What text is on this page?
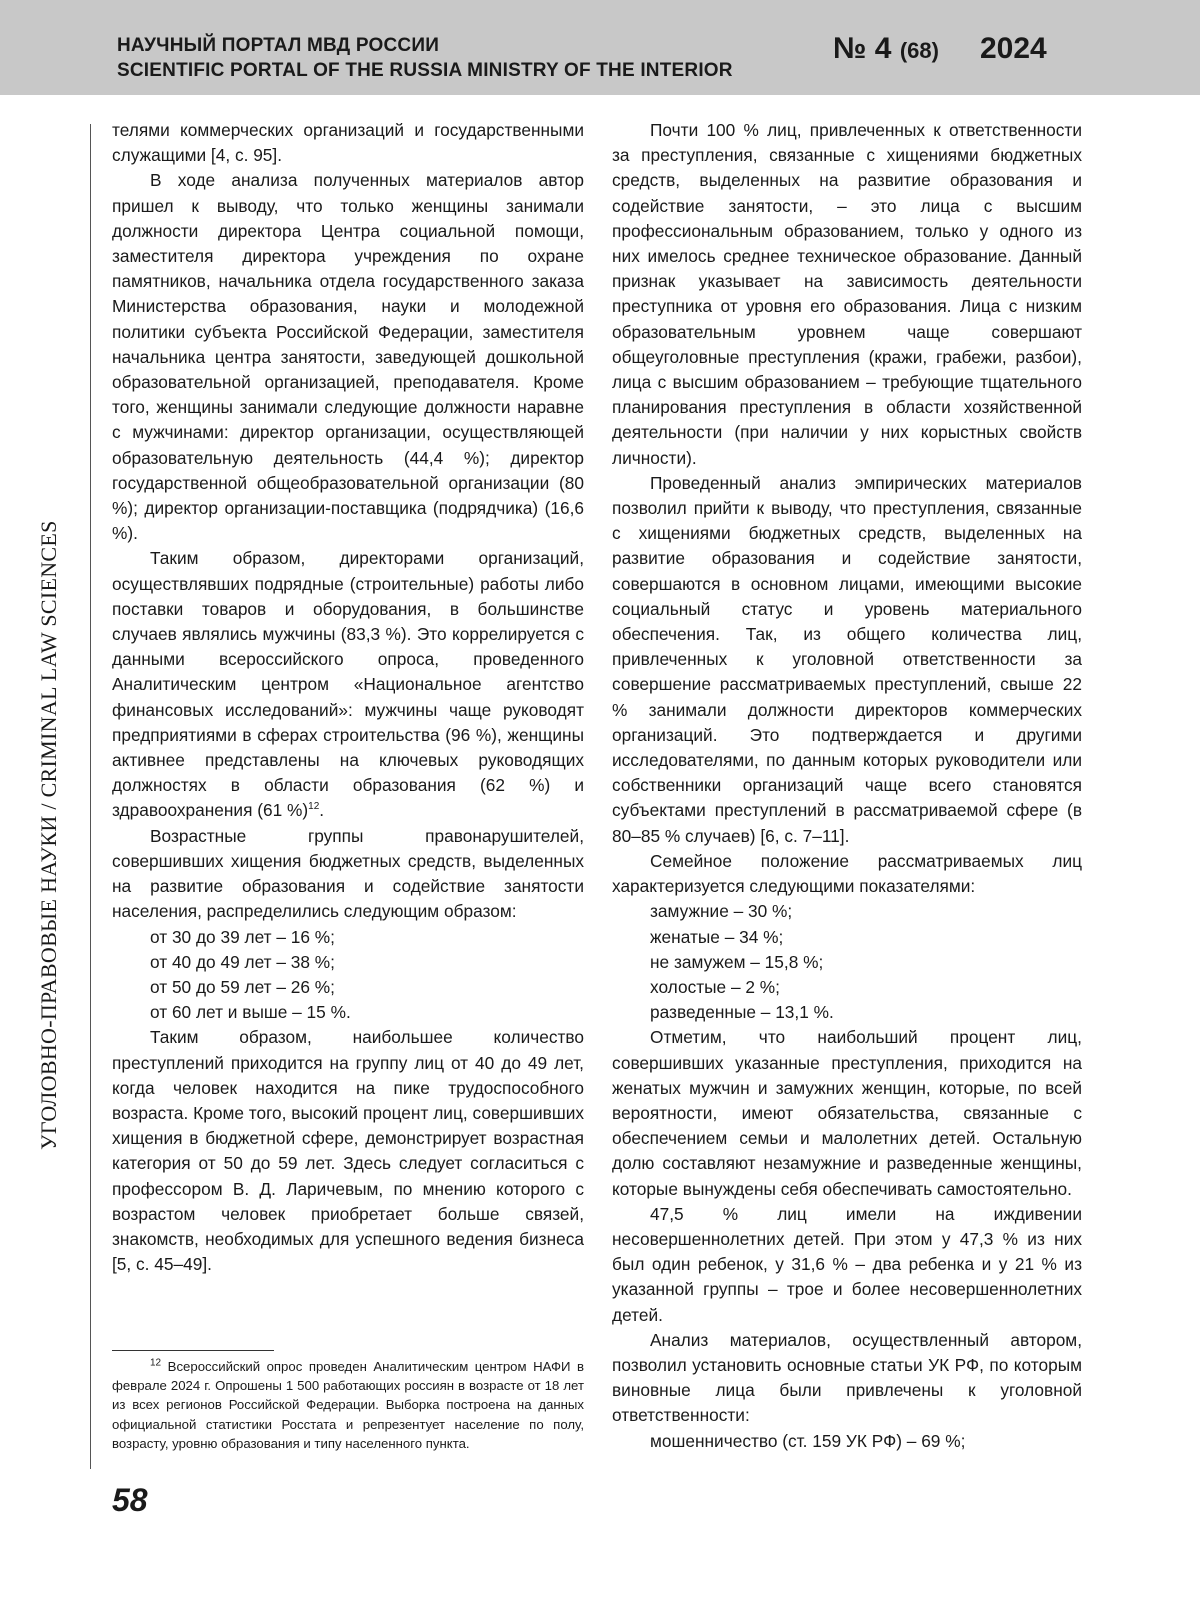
НАУЧНЫЙ ПОРТАЛ МВД РОССИИ
SCIENTIFIC PORTAL OF THE RUSSIA MINISTRY OF THE INTERIOR
№ 4 (68) 2024
УГОЛОВНО-ПРАВОВЫЕ НАУКИ / CRIMINAL LAW SCIENCES

телями коммерческих организаций и государственными служащими [4, с. 95].

В ходе анализа полученных материалов автор пришел к выводу, что только женщины занимали должности директора Центра социальной помощи, заместителя директора учреждения по охране памятников, начальника отдела государственного заказа Министерства образования, науки и молодежной политики субъекта Российской Федерации, заместителя начальника центра занятости, заведующей дошкольной образовательной организацией, преподавателя. Кроме того, женщины занимали следующие должности наравне с мужчинами: директор организации, осуществляющей образовательную деятельность (44,4 %); директор государственной общеобразовательной организации (80 %); директор организации-поставщика (подрядчика) (16,6 %).

Таким образом, директорами организаций, осуществлявших подрядные (строительные) работы либо поставки товаров и оборудования, в большинстве случаев являлись мужчины (83,3 %). Это коррелируется с данными всероссийского опроса, проведенного Аналитическим центром «Национальное агентство финансовых исследований»: мужчины чаще руководят предприятиями в сферах строительства (96 %), женщины активнее представлены на ключевых руководящих должностях в области образования (62 %) и здравоохранения (61 %)$^{12}$.

Возрастные группы правонарушителей, совершивших хищения бюджетных средств, выделенных на развитие образования и содействие занятости населения, распределились следующим образом:

от 30 до 39 лет – 16 %;

от 40 до 49 лет – 38 %;

от 50 до 59 лет – 26 %;

от 60 лет и выше – 15 %.

Таким образом, наибольшее количество преступлений приходится на группу лиц от 40 до 49 лет, когда человек находится на пике трудоспособного возраста. Кроме того, высокий процент лиц, совершивших хищения в бюджетной сфере, демонстрирует возрастная категория от 50 до 59 лет. Здесь следует согласиться с профессором В. Д. Ларичевым, по мнению которого с возрастом человек приобретает больше связей, знакомств, необходимых для успешного ведения бизнеса [5, с. 45–49].

$^{12}$ Всероссийский опрос проведен Аналитическим центром НАФИ в феврале 2024 г. Опрошены 1 500 работающих россиян в возрасте от 18 лет из всех регионов Российской Федерации. Выборка построена на данных официальной статистики Росстата и репрезентует население по полу, возрасту, уровню образования и типу населенного пункта.

Почти 100 % лиц, привлеченных к ответственности за преступления, связанные с хищениями бюджетных средств, выделенных на развитие образования и содействие занятости, – это лица с высшим профессиональным образованием, только у одного из них имелось среднее техническое образование. Данный признак указывает на зависимость деятельности преступника от уровня его образования. Лица с низким образовательным уровнем чаще совершают общеуголовные преступления (кражи, грабежи, разбои), лица с высшим образованием – требующие тщательного планирования преступления в области хозяйственной деятельности (при наличии у них корыстных свойств личности).

Проведенный анализ эмпирических материалов позволил прийти к выводу, что преступления, связанные с хищениями бюджетных средств, выделенных на развитие образования и содействие занятости, совершаются в основном лицами, имеющими высокие социальный статус и уровень материального обеспечения. Так, из общего количества лиц, привлеченных к уголовной ответственности за совершение рассматриваемых преступлений, свыше 22 % занимали должности директоров коммерческих организаций. Это подтверждается и другими исследователями, по данным которых руководители или собственники организаций чаще всего становятся субъектами преступлений в рассматриваемой сфере (в 80–85 % случаев) [6, с. 7–11].

Семейное положение рассматриваемых лиц характеризуется следующими показателями:

замужние – 30 %;

женатые – 34 %;

не замужем – 15,8 %;

холостые – 2 %;

разведенные – 13,1 %.

Отметим, что наибольший процент лиц, совершивших указанные преступления, приходится на женатых мужчин и замужних женщин, которые, по всей вероятности, имеют обязательства, связанные с обеспечением семьи и малолетних детей. Остальную долю составляют незамужние и разведенные женщины, которые вынуждены себя обеспечивать самостоятельно.

47,5 % лиц имели на иждивении несовершеннолетних детей. При этом у 47,3 % из них был один ребенок, у 31,6 % – два ребенка и у 21 % из указанной группы – трое и более несовершеннолетних детей.

Анализ материалов, осуществленный автором, позволил установить основные статьи УК РФ, по которым виновные лица были привлечены к уголовной ответственности:

мошенничество (ст. 159 УК РФ) – 69 %;

58
